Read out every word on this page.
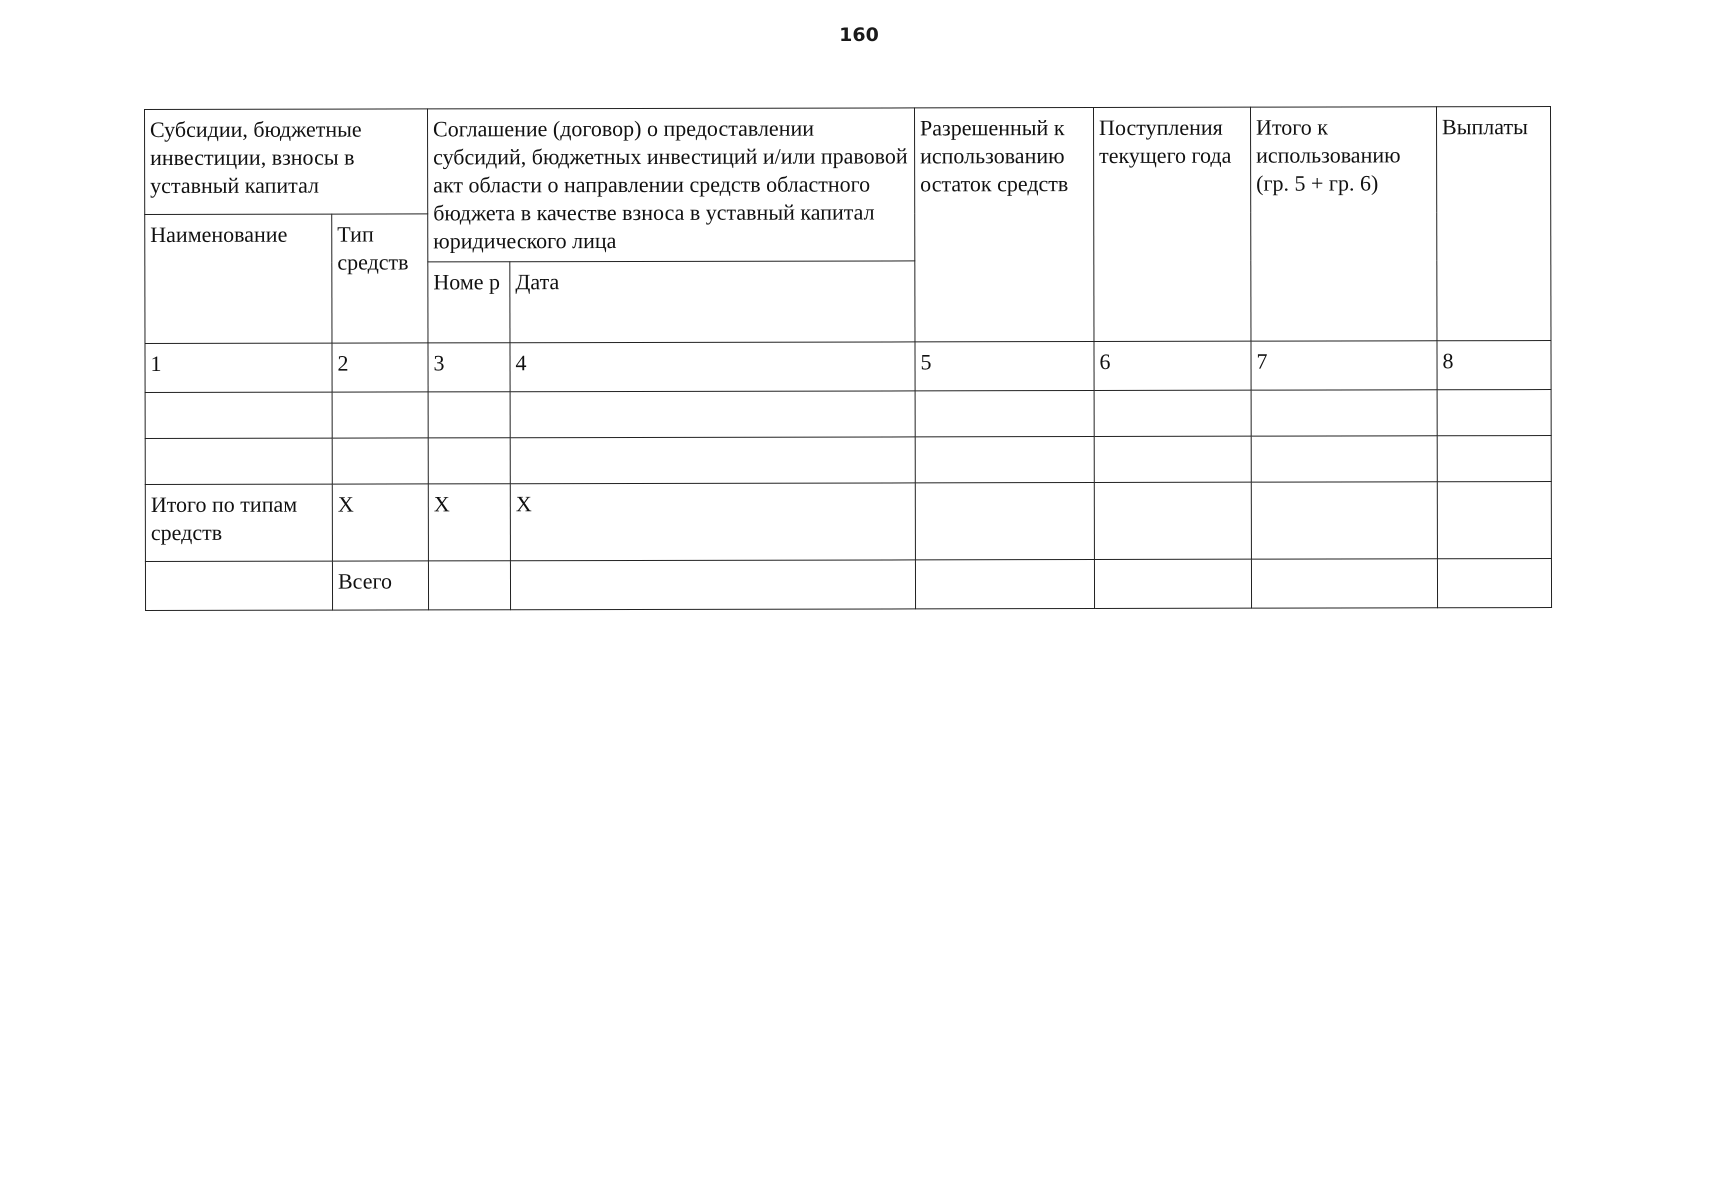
160
Субсидии, бюджетные инвестиции, взносы в уставный капитал		Соглашение (договор) о предоставлении субсидий, бюджетных инвестиций и/или правовой акт области о направлении средств областного бюджета в качестве взноса в уставный капитал юридического лица		Разрешенный к использованию остаток средств	Поступления текущего года	Итого к использованию (гр. 5 + гр. 6)	Выплаты
Наименование	Тип средств						
		Номе р	Дата				
1	2	3	4	5	6	7	8

Итого по типам средств	X	X	X				
	Всего						
